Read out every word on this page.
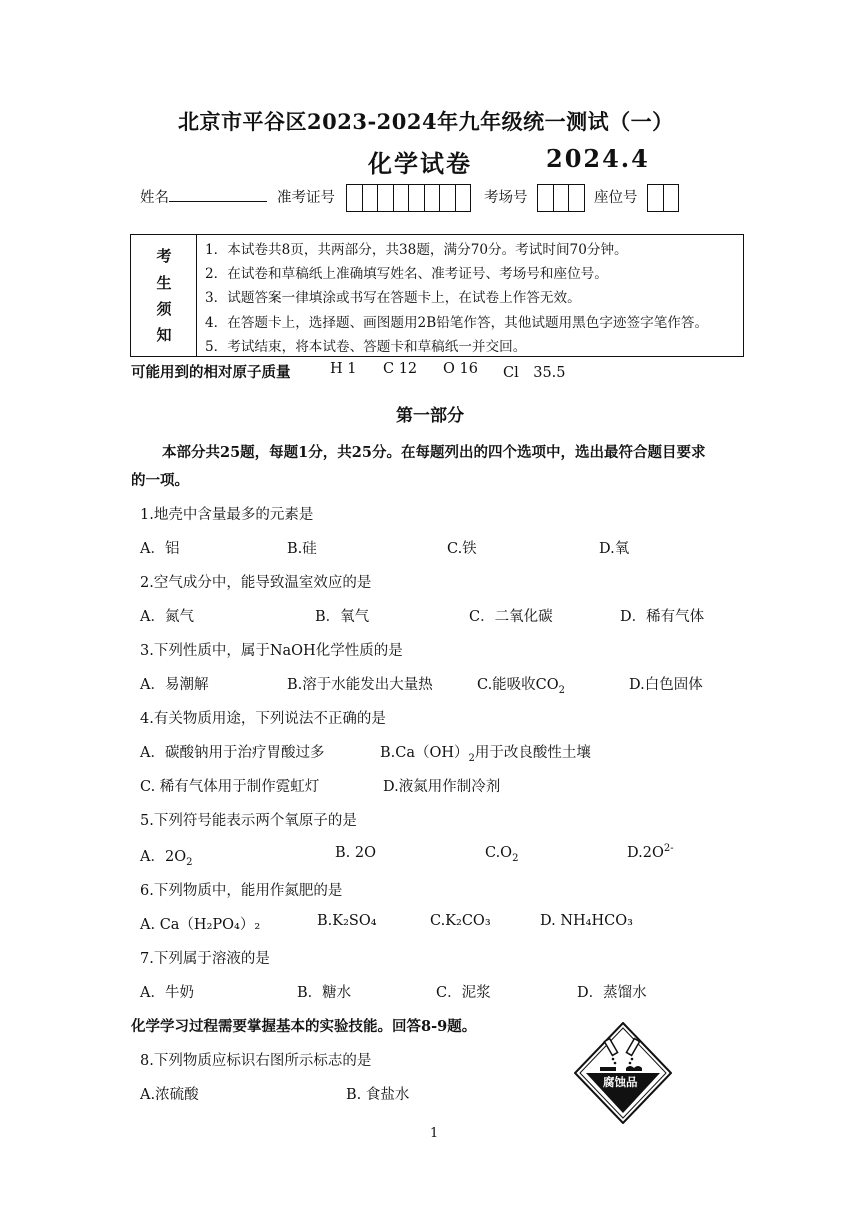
北京市平谷区2023-2024年九年级统一测试（一）
化学试卷	2024.4
姓名	准考证号	考场号	座位号
考
生
须
知
1．本试卷共8页，共两部分，共38题，满分70分。考试时间70分钟。
2．在试卷和草稿纸上准确填写姓名、准考证号、考场号和座位号。
3．试题答案一律填涂或书写在答题卡上，在试卷上作答无效。
4．在答题卡上，选择题、画图题用2B铅笔作答，其他试题用黑色字迹签字笔作答。
5．考试结束，将本试卷、答题卡和草稿纸一并交回。
可能用到的相对原子质量	H 1 C 12 O 16 Cl　35.5
第一部分
本部分共25题，每题1分，共25分。在每题列出的四个选项中，选出最符合题目要求
的一项。
1.地壳中含量最多的元素是
A．铝	B.硅	C.铁	D.氧
2.空气成分中，能导致温室效应的是
A．氮气	B．氧气	C．二氧化碳	D．稀有气体
3.下列性质中，属于NaOH化学性质的是
A．易潮解	B.溶于水能发出大量热	C.能吸收$CO_2$	D.白色固体
4.有关物质用途，下列说法不正确的是
A．碳酸钠用于治疗胃酸过多	$B.Ca(OH)_2$用于改良酸性土壤
C. 稀有气体用于制作霓虹灯	D.液氮用作制冷剂
5.下列符号能表示两个氧原子的是
A．$2O_2$
B. 2O	$C.O_2$	$D.2O^{2-}$
6.下列物质中，能用作氮肥的是
A. Ca（H₂PO₄）₂	B.K₂SO₄	C.K₂CO₃	D. NH₄HCO₃
7.下列属于溶液的是
A．牛奶	B．糖水	C．泥浆	D．蒸馏水
化学学习过程需要掌握基本的实验技能。回答8-9题。
8.下列物质应标识右图所示标志的是
A.浓硫酸	B. 食盐水
腐蚀品
1
